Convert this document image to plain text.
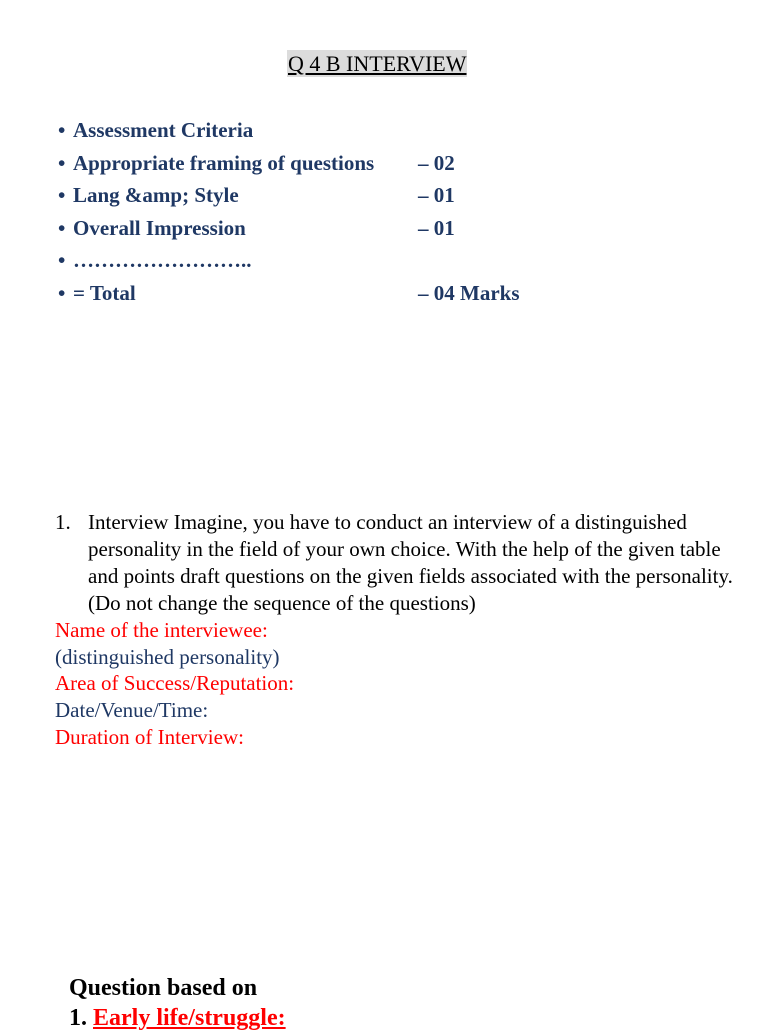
Q 4 B INTERVIEW
• Assessment Criteria
• Appropriate framing of questions – 02
• Lang &amp; Style	– 01
• Overall Impression	– 01
• ……………………..
• = Total	– 04 Marks
1. Interview Imagine, you have to conduct an interview of a distinguished personality in the field of your own choice. With the help of the given table and points draft questions on the given fields associated with the personality. (Do not change the sequence of the questions)
Name of the interviewee:
(distinguished personality)
Area of Success/Reputation:
Date/Venue/Time:
Duration of Interview:
Question based on
1. Early life/struggle:
